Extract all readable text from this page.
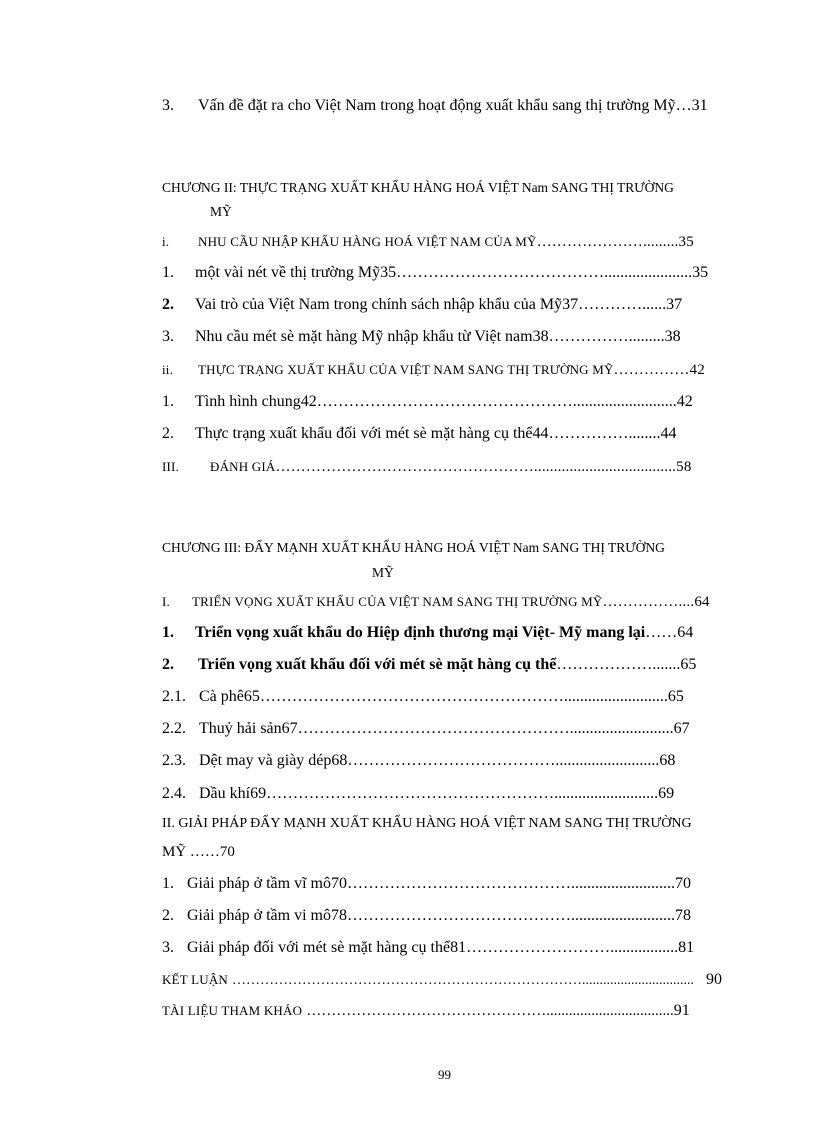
3.	Vấn đề đặt ra cho Việt Nam trong hoạt động xuất khẩu sang thị trường Mỹ … 31
CHƯƠNG II: THỰC TRẠNG XUẤT KHẨU HÀNG HOÁ VIỆT Nam SANG THỊ TRƯỜNG
MỸ
i.	NHU CẦU NHẬP KHẨU HÀNG HOÁ VIỆT NAM CỦA MỸ …………………......... 35
1.	một vài nét về thị trường Mỹ35 …………………………………...................... 35
2.	Vai trò của Việt Nam trong chính sách nhập khẩu của Mỹ37 …………...... 37
3.	Nhu cầu mét sè mặt hàng Mỹ nhập khẩu từ Việt nam38 ……………......... 38
ii.	THỰC TRẠNG XUẤT KHẨU CỦA VIỆT NAM SANG THỊ TRƯỜNG MỸ …………… 42
1.	Tình hình chung42 ………………………………………….......................... 42
2.	Thực trạng xuất khẩu đối với mét sè mặt hàng cụ thể44 ……………........ 44
III.	ĐÁNH GIÁ …………………………………………….................................... 58
CHƯƠNG III: ĐẨY MẠNH XUẤT KHẨU HÀNG HOÁ VIỆT Nam SANG THỊ TRƯỜNG
MỸ
I.	TRIỂN VỌNG XUẤT KHẨU CỦA VIỆT NAM SANG THỊ TRƯỜNG MỸ …………….... 64
1.	Triển vọng xuất khẩu do Hiệp định thương mại Việt- Mỹ mang lại …… 64
2.	Triển vọng xuất khẩu đối với mét sè mặt hàng cụ thể ………………....... 65
2.1. Cà phê65 ………………………………………………….......................... 65
2.2. Thuỷ hải sản67 …………………………………………….......................... 67
2.3. Dệt may và giày dép68 ………………………………….......................... 68
2.4. Dầu khí69 ……………………………………………….......................... 69
II. GIẢI PHÁP ĐẨY MẠNH XUẤT KHẨU HÀNG HOÁ VIỆT NAM SANG THỊ TRƯỜNG
MỸ ……70
1. Giải pháp ở tầm vĩ mô70 …………………………………….......................... 70
2. Giải pháp ở tầm vi mô78 …………………………………….......................... 78
3. Giải pháp đối với mét sè mặt hàng cụ thể81 ………………………................. 81
KẾT LUẬN …………………………………………………………………................................ 90
TÀI LIỆU THAM KHẢO ………………………………………….................................. 91
99
